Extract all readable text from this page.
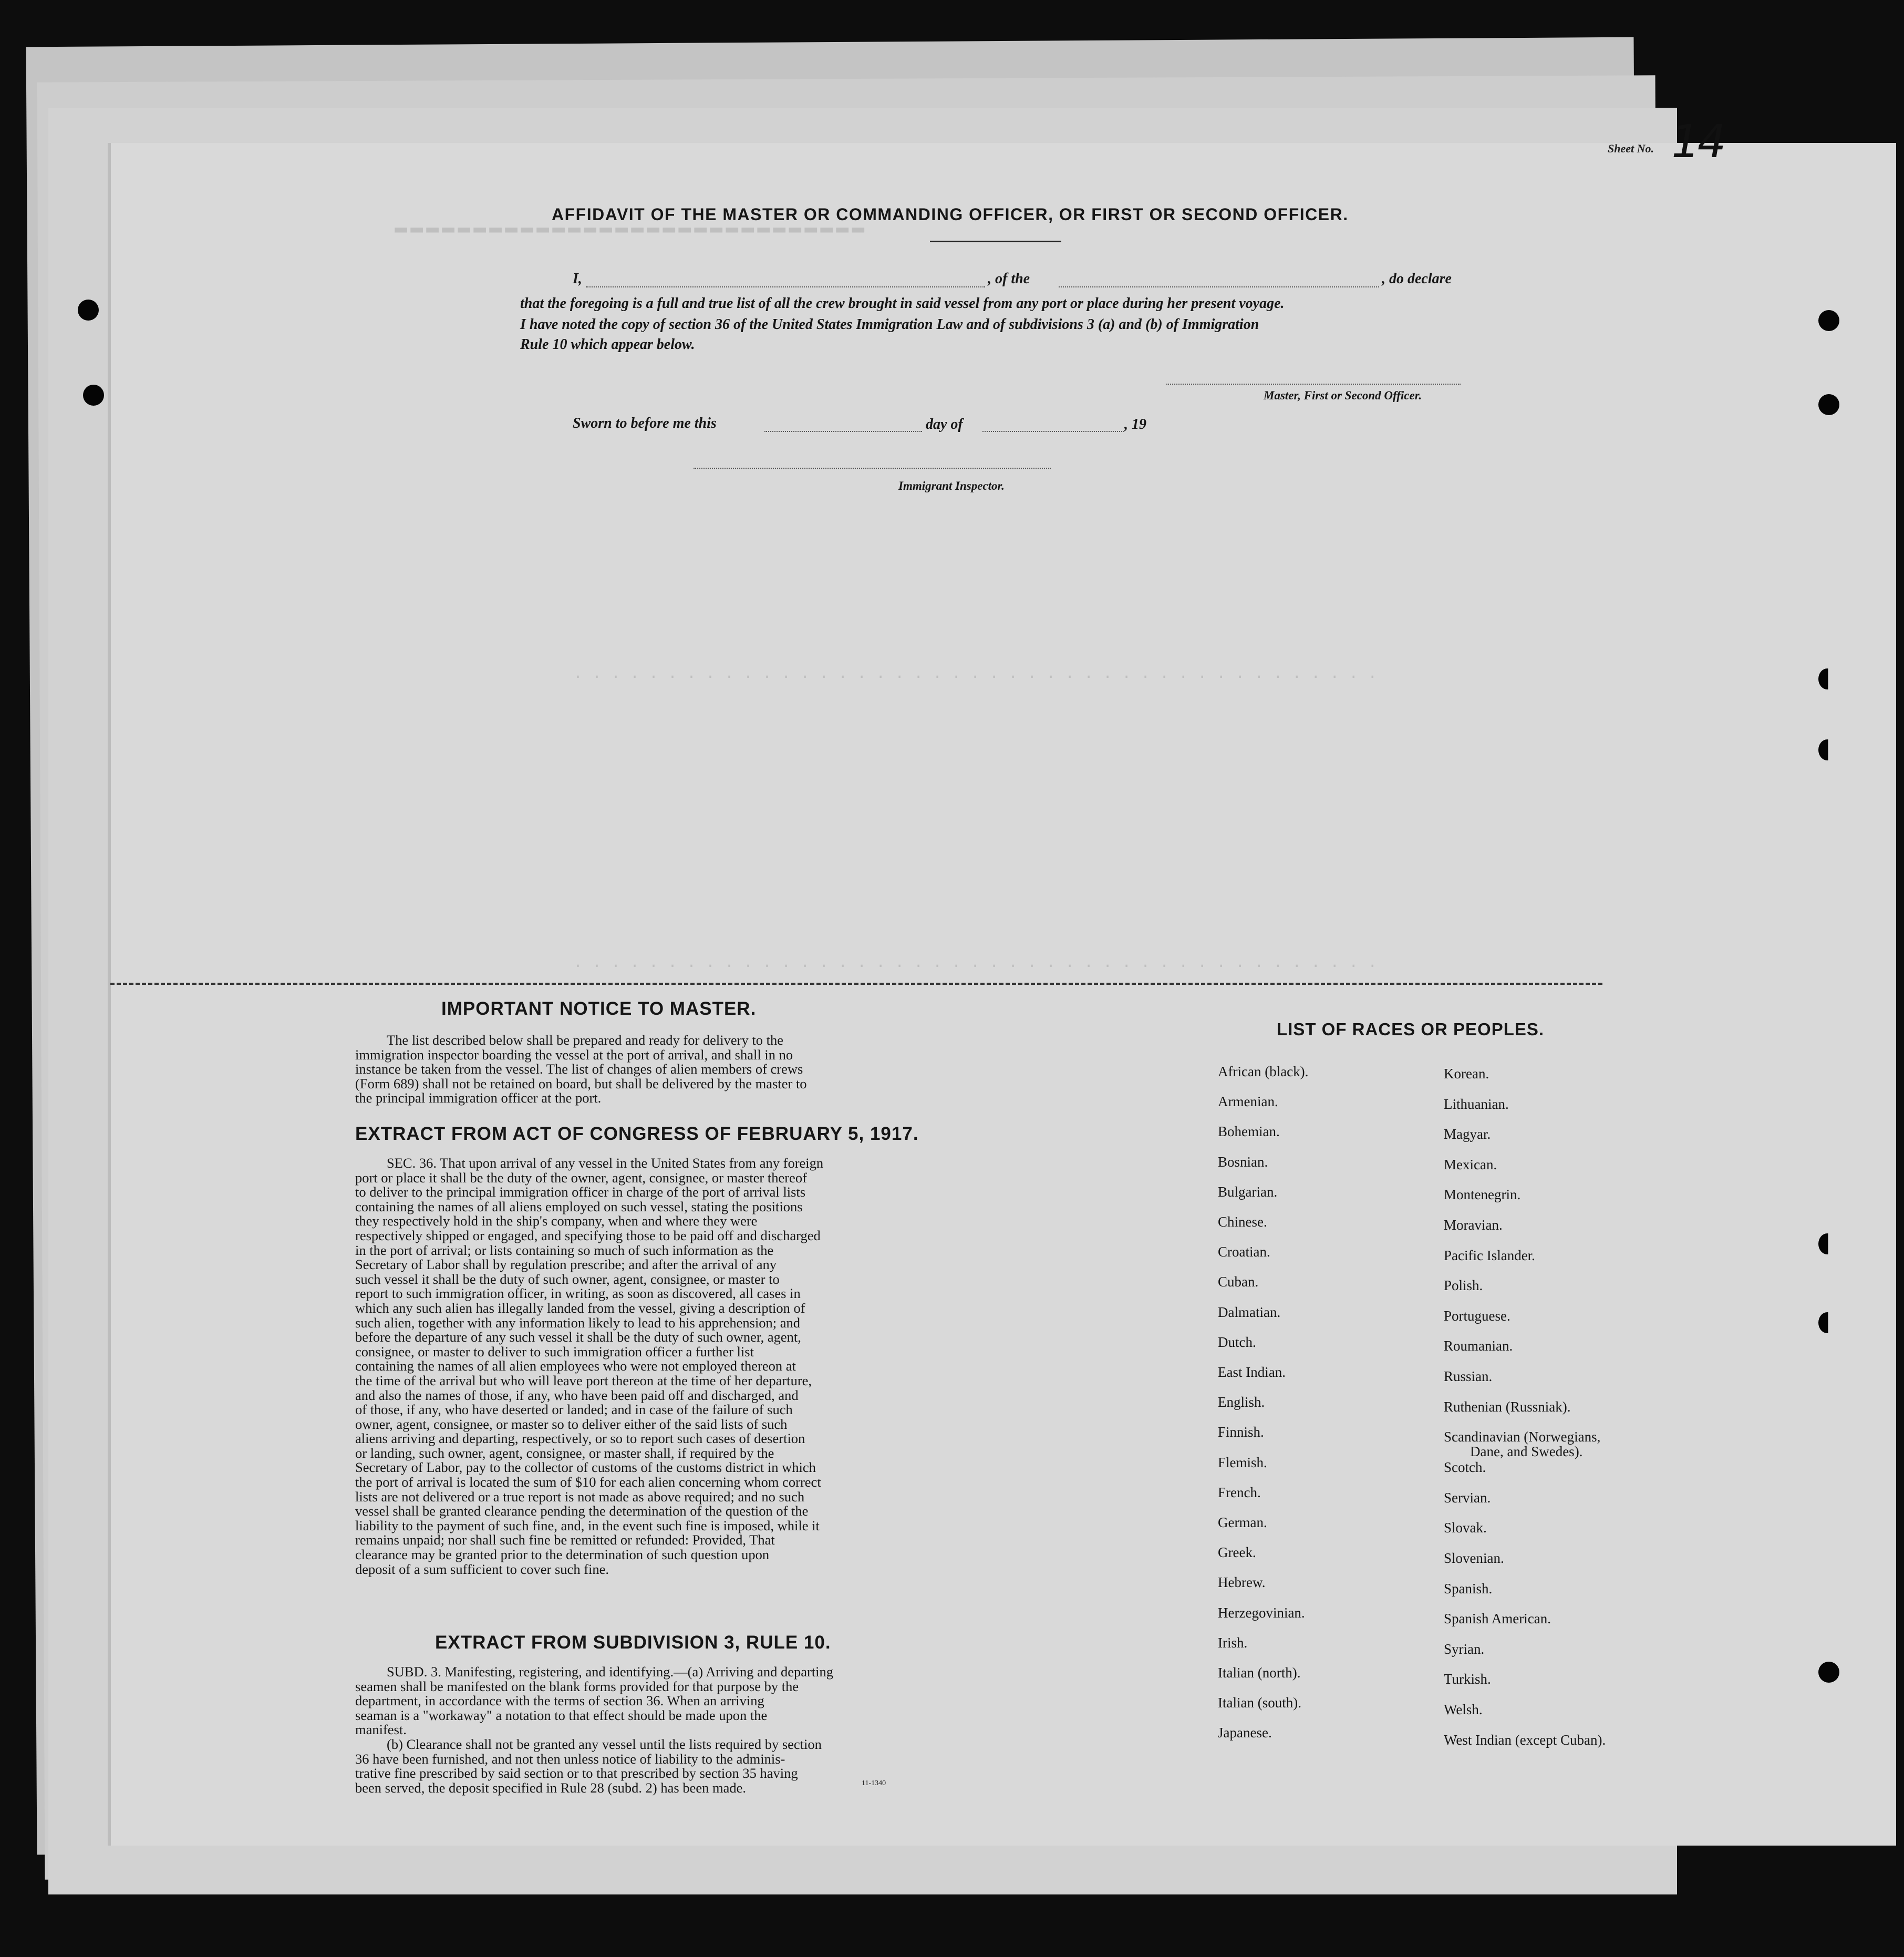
▬▬▬▬▬▬▬▬▬▬▬▬▬▬▬▬▬▬▬▬▬▬▬▬▬▬▬▬▬▬
· · · · · · · · · · · · · · · · · · · · · · · · · · · · · · · · · · · · · · · · · · ·
· · · · · · · · · · · · · · · · · · · · · · · · · · · · · · · · · · · · · · · · · · ·
Sheet No. 14
AFFIDAVIT OF THE MASTER OR COMMANDING OFFICER, OR FIRST OR SECOND OFFICER.
I,	, of the	, do declare
that the foregoing is a full and true list of all the crew brought in said vessel from any port or place during her present voyage.
I have noted the copy of section 36 of the United States Immigration Law and of subdivisions 3 (a) and (b) of Immigration
Rule 10 which appear below.
Master, First or Second Officer.
Sworn to before me this	day of	, 19
Immigrant Inspector.
IMPORTANT NOTICE TO MASTER.
The list described below shall be prepared and ready for delivery to the
immigration inspector boarding the vessel at the port of arrival, and shall in no
instance be taken from the vessel. The list of changes of alien members of crews
(Form 689) shall not be retained on board, but shall be delivered by the master to
the principal immigration officer at the port.
EXTRACT FROM ACT OF CONGRESS OF FEBRUARY 5, 1917.
SEC. 36. That upon arrival of any vessel in the United States from any foreign
port or place it shall be the duty of the owner, agent, consignee, or master thereof
to deliver to the principal immigration officer in charge of the port of arrival lists
containing the names of all aliens employed on such vessel, stating the positions
they respectively hold in the ship's company, when and where they were
respectively shipped or engaged, and specifying those to be paid off and discharged
in the port of arrival; or lists containing so much of such information as the
Secretary of Labor shall by regulation prescribe; and after the arrival of any
such vessel it shall be the duty of such owner, agent, consignee, or master to
report to such immigration officer, in writing, as soon as discovered, all cases in
which any such alien has illegally landed from the vessel, giving a description of
such alien, together with any information likely to lead to his apprehension; and
before the departure of any such vessel it shall be the duty of such owner, agent,
consignee, or master to deliver to such immigration officer a further list
containing the names of all alien employees who were not employed thereon at
the time of the arrival but who will leave port thereon at the time of her departure,
and also the names of those, if any, who have been paid off and discharged, and
of those, if any, who have deserted or landed; and in case of the failure of such
owner, agent, consignee, or master so to deliver either of the said lists of such
aliens arriving and departing, respectively, or so to report such cases of desertion
or landing, such owner, agent, consignee, or master shall, if required by the
Secretary of Labor, pay to the collector of customs of the customs district in which
the port of arrival is located the sum of $10 for each alien concerning whom correct
lists are not delivered or a true report is not made as above required; and no such
vessel shall be granted clearance pending the determination of the question of the
liability to the payment of such fine, and, in the event such fine is imposed, while it
remains unpaid; nor shall such fine be remitted or refunded: Provided, That
clearance may be granted prior to the determination of such question upon
deposit of a sum sufficient to cover such fine.
EXTRACT FROM SUBDIVISION 3, RULE 10.
SUBD. 3. Manifesting, registering, and identifying.—(a) Arriving and departing
seamen shall be manifested on the blank forms provided for that purpose by the
department, in accordance with the terms of section 36. When an arriving
seaman is a "workaway" a notation to that effect should be made upon the
manifest.
(b) Clearance shall not be granted any vessel until the lists required by section
36 have been furnished, and not then unless notice of liability to the adminis-
trative fine prescribed by said section or to that prescribed by section 35 having
been served, the deposit specified in Rule 28 (subd. 2) has been made.	11-1340
LIST OF RACES OR PEOPLES.
African (black).
Armenian.
Bohemian.
Bosnian.
Bulgarian.
Chinese.
Croatian.
Cuban.
Dalmatian.
Dutch.
East Indian.
English.
Finnish.
Flemish.
French.
German.
Greek.
Hebrew.
Herzegovinian.
Irish.
Italian (north).
Italian (south).
Japanese.
Korean.
Lithuanian.
Magyar.
Mexican.
Montenegrin.
Moravian.
Pacific Islander.
Polish.
Portuguese.
Roumanian.
Russian.
Ruthenian (Russniak).
Scandinavian (Norwegians,
Dane, and Swedes).
Scotch.
Servian.
Slovak.
Slovenian.
Spanish.
Spanish American.
Syrian.
Turkish.
Welsh.
West Indian (except Cuban).
